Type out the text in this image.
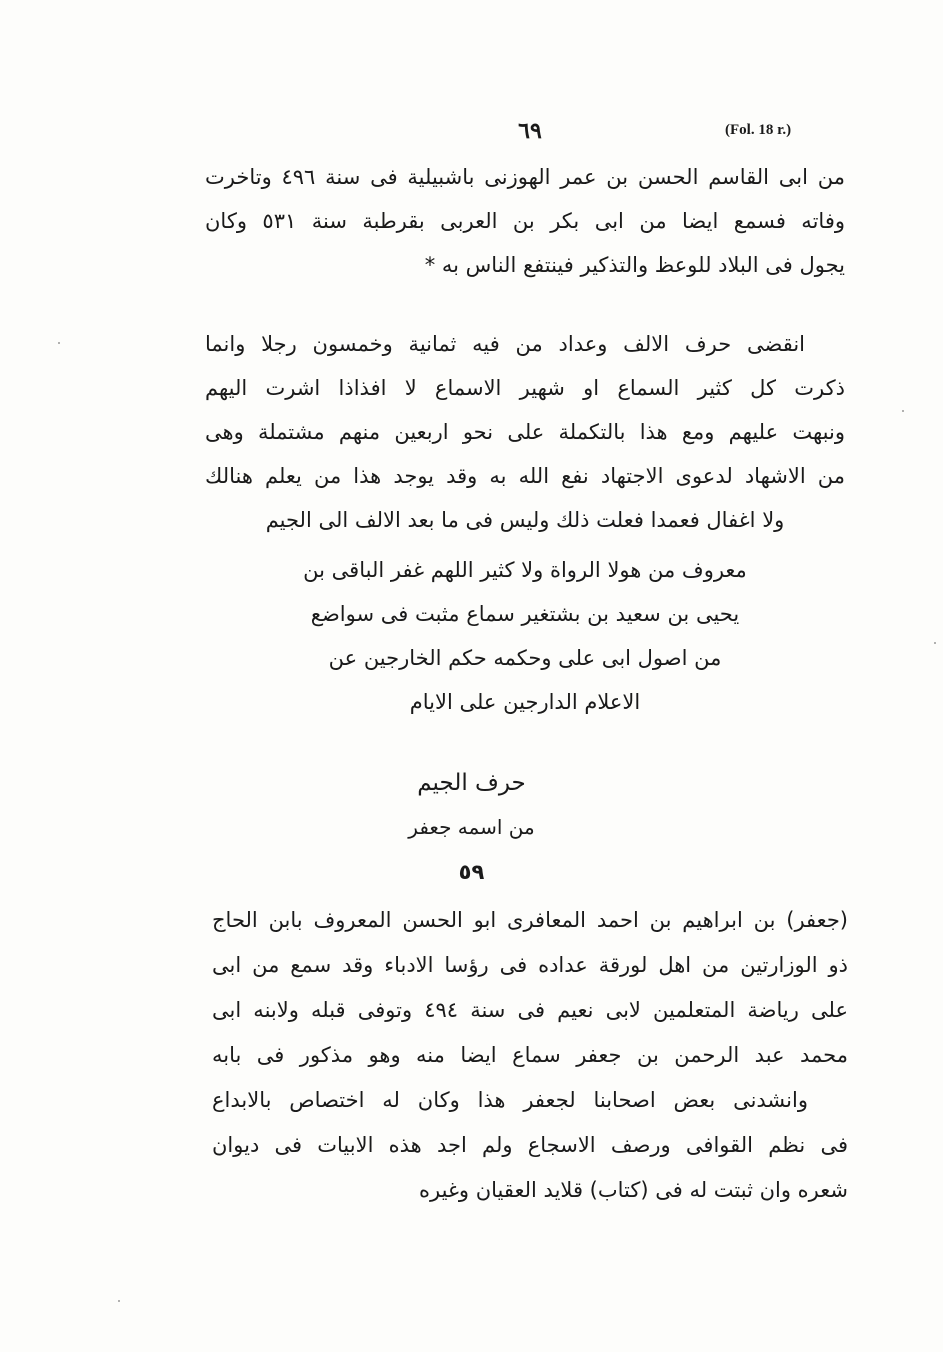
٦٩	(Fol. 18 r.)
من ابى القاسم الحسن بن عمر الهوزنى باشبيلية فى سنة ٤٩٦ وتاخرت
وفاته فسمع ايضا من ابى بكر بن العربى بقرطبة سنة ٥٣١ وكان
يجول فى البلاد للوعظ والتذكير فينتفع الناس به *
انقضى حرف الالف وعداد من فيه ثمانية وخمسون رجلا وانما
ذكرت كل كثير السماع او شهير الاسماع لا افذاذا اشرت اليهم
ونبهت عليهم ومع هذا بالتكملة على نحو اربعين منهم مشتملة وهى
من الاشهاد لدعوى الاجتهاد نفع الله به وقد يوجد هذا من يعلم هنالك
ولا اغفال فعمدا فعلت ذلك وليس فى ما بعد الالف الى الجيم
معروف من هولا الرواة ولا كثير اللهم غفر الباقى بن
يحيى بن سعيد بن بشتغير سماع مثبت فى سواضع
من اصول ابى على وحكمه حكم الخارجين عن
الاعلام الدارجين على الايام
حرف الجيم
من اسمه جعفر
٥٩
(جعفر) بن ابراهيم بن احمد المعافرى ابو الحسن المعروف بابن الحاج
ذو الوزارتين من اهل لورقة عداده فى رؤسا الادباء وقد سمع من ابى
على رياضة المتعلمين لابى نعيم فى سنة ٤٩٤ وتوفى قبله ولابنه ابى
محمد عبد الرحمن بن جعفر سماع ايضا منه وهو مذكور فى بابه
وانشدنى بعض اصحابنا لجعفر هذا وكان له اختصاص بالابداع
فى نظم القوافى ورصف الاسجاع ولم اجد هذه الابيات فى ديوان
شعره وان ثبتت له فى (كتاب) قلايد العقيان وغيره
